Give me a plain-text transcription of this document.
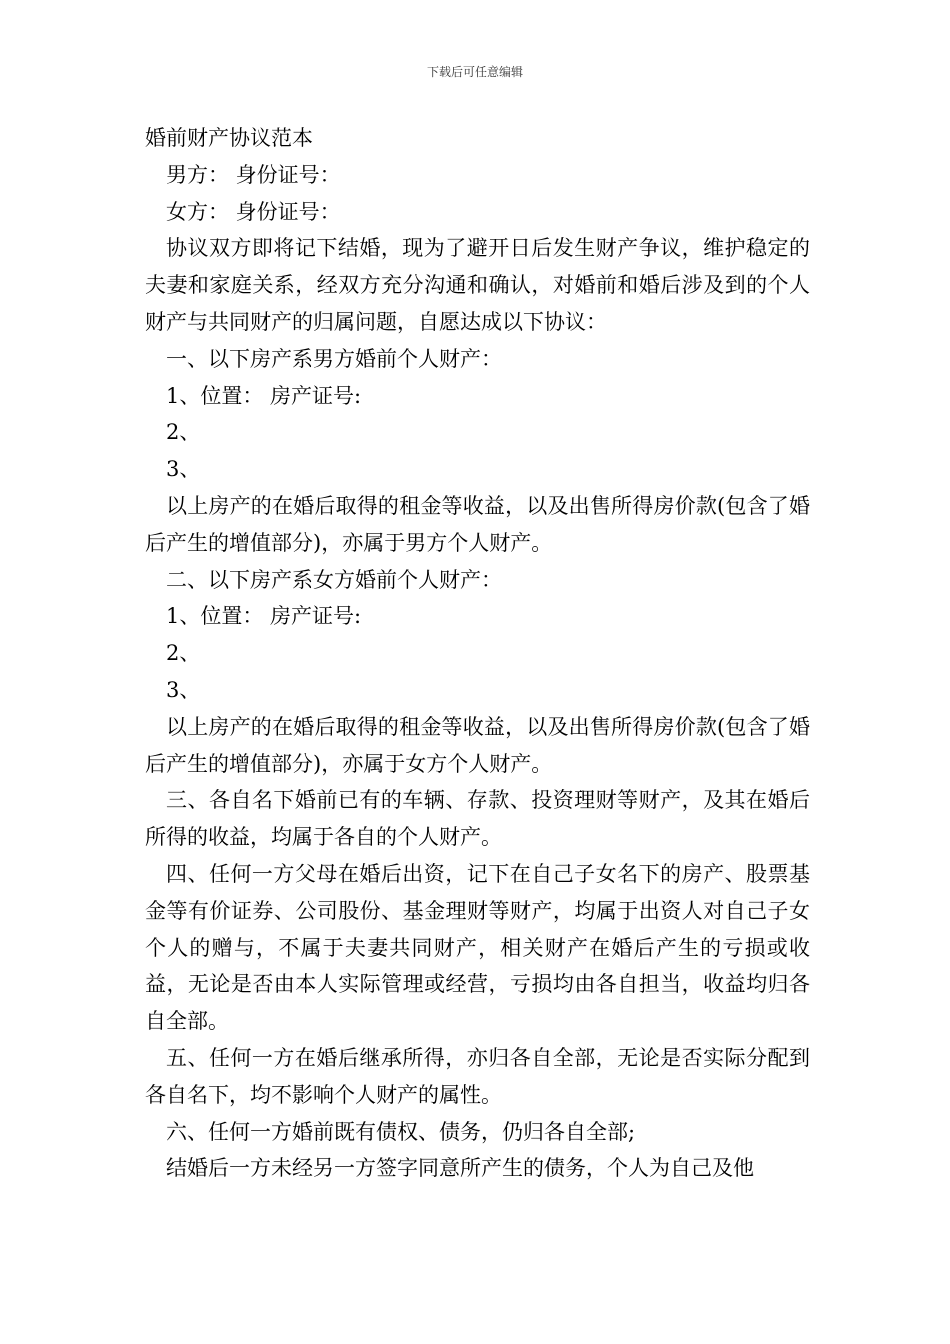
下载后可任意编辑

婚前财产协议范本

男方： 身份证号：

女方： 身份证号：

协议双方即将记下结婚，现为了避开日后发生财产争议，维护稳定的夫妻和家庭关系，经双方充分沟通和确认，对婚前和婚后涉及到的个人财产与共同财产的归属问题，自愿达成以下协议：

一、以下房产系男方婚前个人财产：

1、位置： 房产证号:

2、

3、

以上房产的在婚后取得的租金等收益，以及出售所得房价款(包含了婚后产生的增值部分)，亦属于男方个人财产。

二、以下房产系女方婚前个人财产：

1、位置： 房产证号:

2、

3、

以上房产的在婚后取得的租金等收益，以及出售所得房价款(包含了婚后产生的增值部分)，亦属于女方个人财产。

三、各自名下婚前已有的车辆、存款、投资理财等财产，及其在婚后所得的收益，均属于各自的个人财产。

四、任何一方父母在婚后出资，记下在自己子女名下的房产、股票基金等有价证券、公司股份、基金理财等财产，均属于出资人对自己子女个人的赠与，不属于夫妻共同财产，相关财产在婚后产生的亏损或收益，无论是否由本人实际管理或经营，亏损均由各自担当，收益均归各自全部。

五、任何一方在婚后继承所得，亦归各自全部，无论是否实际分配到各自名下，均不影响个人财产的属性。

六、任何一方婚前既有债权、债务，仍归各自全部;

结婚后一方未经另一方签字同意所产生的债务，个人为自己及他
